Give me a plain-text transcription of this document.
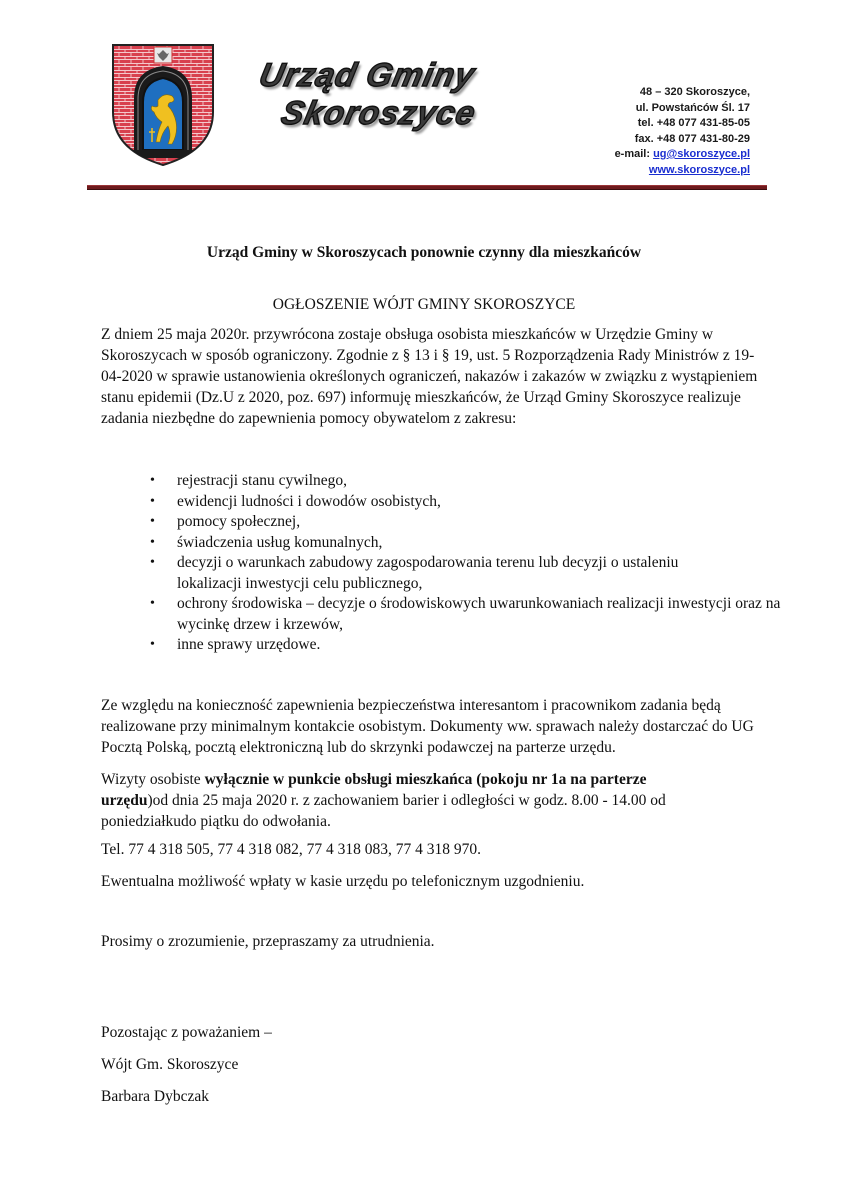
Urząd Gminy
Skoroszyce
48 – 320 Skoroszyce,
ul. Powstańców Śl. 17
tel. +48 077 431-85-05
fax. +48 077 431-80-29
e-mail: ug@skoroszyce.pl
www.skoroszyce.pl
Urząd Gminy w Skoroszycach ponownie czynny dla mieszkańców
OGŁOSZENIE WÓJT GMINY SKOROSZYCE
Z dniem 25 maja 2020r. przywrócona zostaje obsługa osobista mieszkańców w Urzędzie Gminy w Skoroszycach w sposób ograniczony. Zgodnie z § 13 i § 19, ust. 5 Rozporządzenia Rady Ministrów z 19-04-2020 w sprawie ustanowienia określonych ograniczeń, nakazów i zakazów w związku z wystąpieniem stanu epidemii (Dz.U z 2020, poz. 697) informuję mieszkańców, że Urząd Gminy Skoroszyce realizuje zadania niezbędne do zapewnienia pomocy obywatelom z zakresu:
• rejestracji stanu cywilnego,
• ewidencji ludności i dowodów osobistych,
• pomocy społecznej,
• świadczenia usług komunalnych,
• decyzji o warunkach zabudowy zagospodarowania terenu lub decyzji o ustaleniu lokalizacji inwestycji celu publicznego,
• ochrony środowiska – decyzje o środowiskowych uwarunkowaniach realizacji inwestycji oraz na wycinkę drzew i krzewów,
• inne sprawy urzędowe.
Ze względu na konieczność zapewnienia bezpieczeństwa interesantom i pracownikom zadania będą realizowane przy minimalnym kontakcie osobistym. Dokumenty ww. sprawach należy dostarczać do UG Pocztą Polską, pocztą elektroniczną lub do skrzynki podawczej na parterze urzędu.
Wizyty osobiste wyłącznie w punkcie obsługi mieszkańca (pokoju nr 1a na parterze urzędu)od dnia 25 maja 2020 r. z zachowaniem barier i odległości w godz. 8.00 - 14.00 od poniedziałkudo piątku do odwołania.
Tel. 77 4 318 505, 77 4 318 082, 77 4 318 083, 77 4 318 970.
Ewentualna możliwość wpłaty w kasie urzędu po telefonicznym uzgodnieniu.
Prosimy o zrozumienie, przepraszamy za utrudnienia.
Pozostając z poważaniem –
Wójt Gm. Skoroszyce
Barbara Dybczak
